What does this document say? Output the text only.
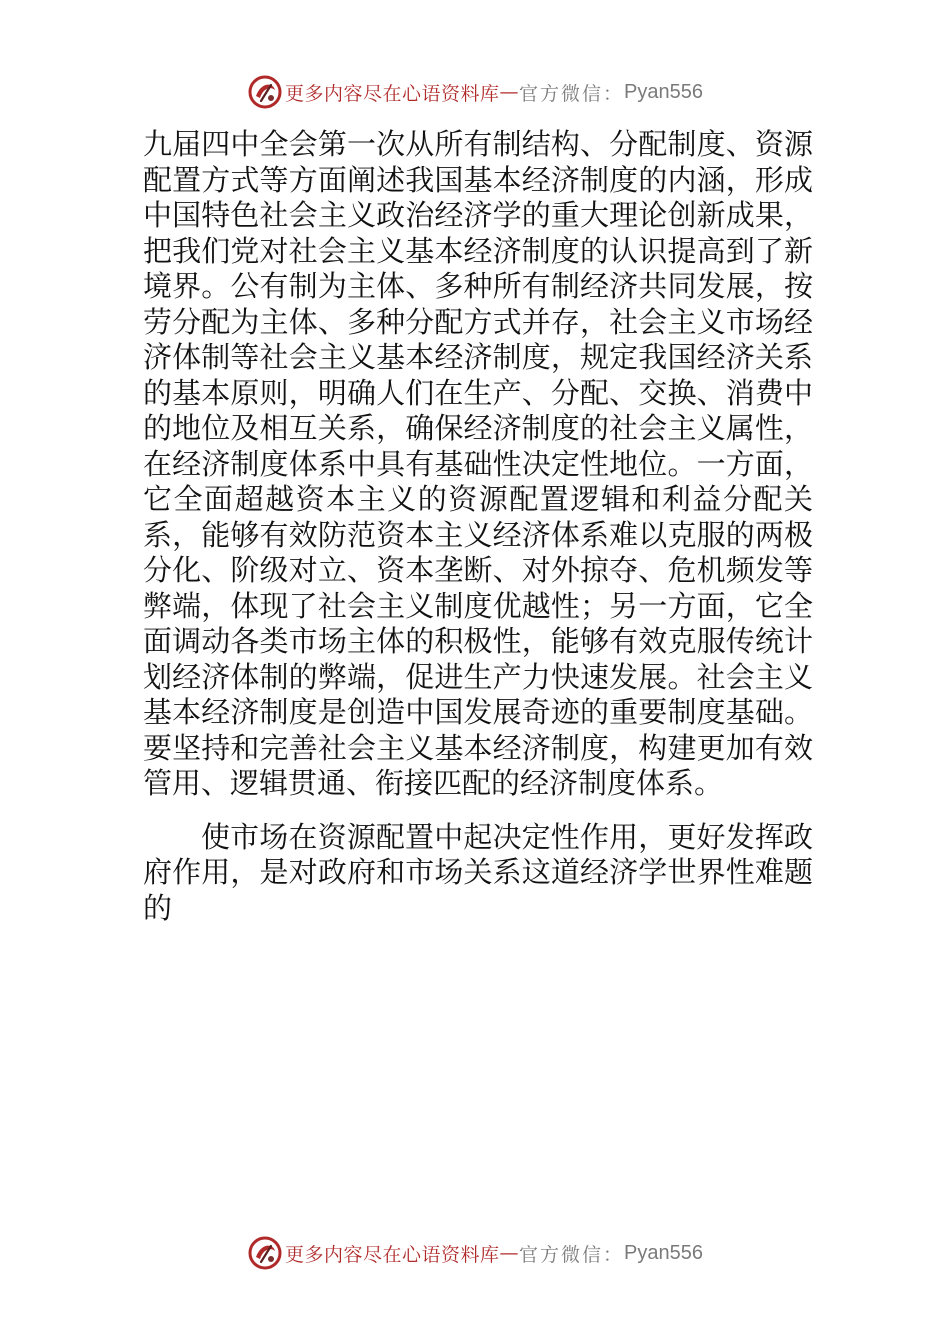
更多内容尽在心语资料库 — 官方微信： Pyan556

九届四中全会第一次从所有制结构、分配制度、资源配置方式等方面阐述我国基本经济制度的内涵，形成中国特色社会主义政治经济学的重大理论创新成果，把我们党对社会主义基本经济制度的认识提高到了新境界。公有制为主体、多种所有制经济共同发展，按劳分配为主体、多种分配方式并存，社会主义市场经济体制等社会主义基本经济制度，规定我国经济关系的基本原则，明确人们在生产、分配、交换、消费中的地位及相互关系，确保经济制度的社会主义属性，在经济制度体系中具有基础性决定性地位。一方面，它全面超越资本主义的资源配置逻辑和利益分配关系，能够有效防范资本主义经济体系难以克服的两极分化、阶级对立、资本垄断、对外掠夺、危机频发等弊端，体现了社会主义制度优越性；另一方面，它全面调动各类市场主体的积极性，能够有效克服传统计划经济体制的弊端，促进生产力快速发展。社会主义基本经济制度是创造中国发展奇迹的重要制度基础。要坚持和完善社会主义基本经济制度，构建更加有效管用、逻辑贯通、衔接匹配的经济制度体系。

使市场在资源配置中起决定性作用，更好发挥政府作用，是对政府和市场关系这道经济学世界性难题的

更多内容尽在心语资料库 — 官方微信： Pyan556
